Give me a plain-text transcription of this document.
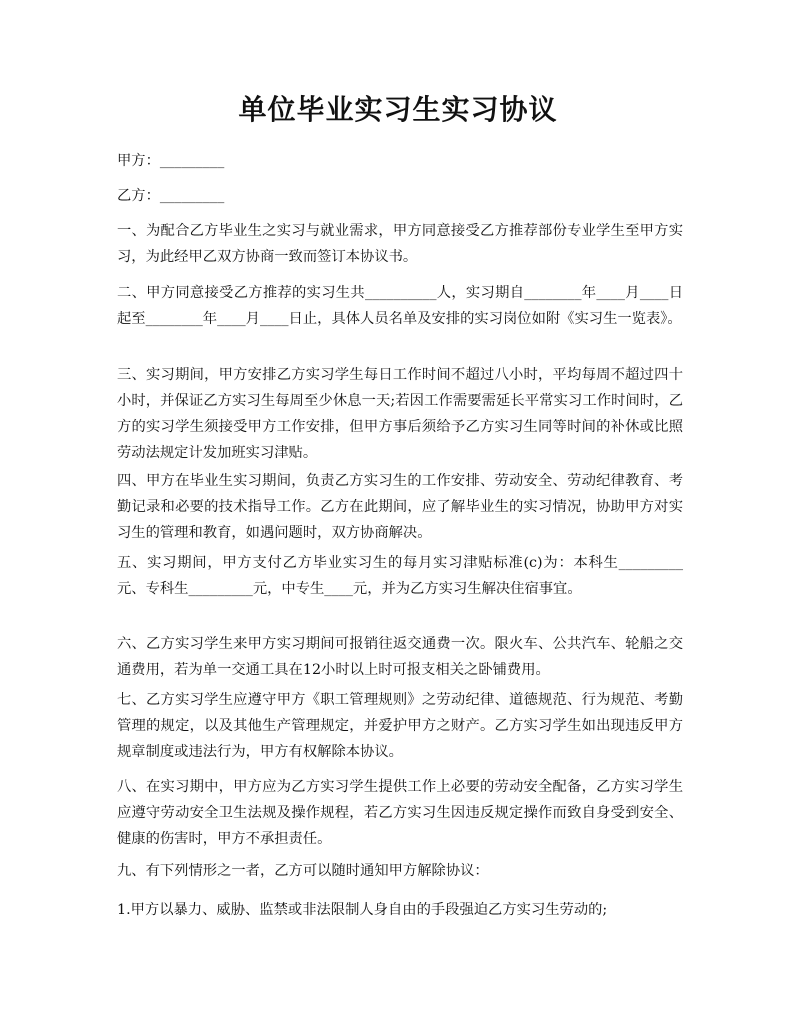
单位毕业实习生实习协议

甲方：_________

乙方：_________

一、为配合乙方毕业生之实习与就业需求，甲方同意接受乙方推荐部份专业学生至甲方实习，为此经甲乙双方协商一致而签订本协议书。

二、甲方同意接受乙方推荐的实习生共__________人，实习期自________年____月____日起至________年____月____日止，具体人员名单及安排的实习岗位如附《实习生一览表》。

三、实习期间，甲方安排乙方实习学生每日工作时间不超过八小时，平均每周不超过四十小时，并保证乙方实习生每周至少休息一天;若因工作需要需延长平常实习工作时间时，乙方的实习学生须接受甲方工作安排，但甲方事后须给予乙方实习生同等时间的补休或比照劳动法规定计发加班实习津贴。

四、甲方在毕业生实习期间，负责乙方实习生的工作安排、劳动安全、劳动纪律教育、考勤记录和必要的技术指导工作。乙方在此期间，应了解毕业生的实习情况，协助甲方对实习生的管理和教育，如遇问题时，双方协商解决。

五、实习期间，甲方支付乙方毕业实习生的每月实习津贴标准(c)为：本科生_________元、专科生_________元，中专生____元，并为乙方实习生解决住宿事宜。

六、乙方实习学生来甲方实习期间可报销往返交通费一次。限火车、公共汽车、轮船之交通费用，若为单一交通工具在12小时以上时可报支相关之卧铺费用。

七、乙方实习学生应遵守甲方《职工管理规则》之劳动纪律、道德规范、行为规范、考勤管理的规定，以及其他生产管理规定，并爱护甲方之财产。乙方实习学生如出现违反甲方规章制度或违法行为，甲方有权解除本协议。

八、在实习期中，甲方应为乙方实习学生提供工作上必要的劳动安全配备，乙方实习学生应遵守劳动安全卫生法规及操作规程，若乙方实习生因违反规定操作而致自身受到安全、健康的伤害时，甲方不承担责任。

九、有下列情形之一者，乙方可以随时通知甲方解除协议：

1.甲方以暴力、威胁、监禁或非法限制人身自由的手段强迫乙方实习生劳动的;
